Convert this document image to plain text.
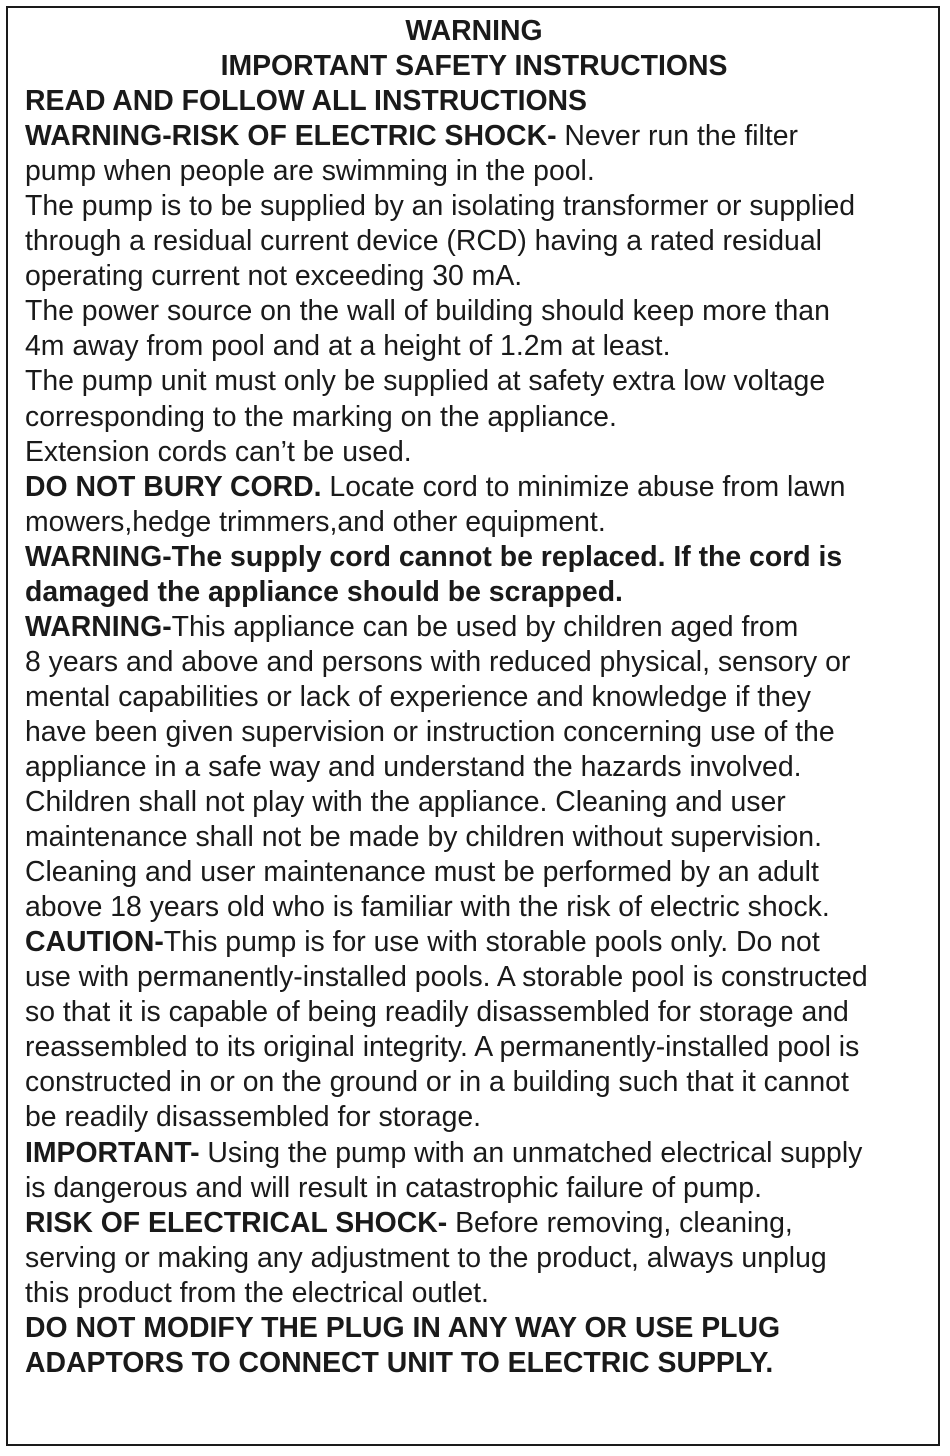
WARNING
IMPORTANT SAFETY INSTRUCTIONS
READ AND FOLLOW ALL INSTRUCTIONS
WARNING-RISK OF ELECTRIC SHOCK- Never run the filter
pump when people are swimming in the pool.
The pump is to be supplied by an isolating transformer or supplied
through a residual current device (RCD) having a rated residual
operating current not exceeding 30 mA.
The power source on the wall of building should keep more than
4m away from pool and at a height of 1.2m at least.
The pump unit must only be supplied at safety extra low voltage
corresponding to the marking on the appliance.
Extension cords can’t be used.
DO NOT BURY CORD. Locate cord to minimize abuse from lawn
mowers,hedge trimmers,and other equipment.
WARNING-The supply cord cannot be replaced. If the cord is
damaged the appliance should be scrapped.
WARNING-This appliance can be used by children aged from
8 years and above and persons with reduced physical, sensory or
mental capabilities or lack of experience and knowledge if they
have been given supervision or instruction concerning use of the
appliance in a safe way and understand the hazards involved.
Children shall not play with the appliance. Cleaning and user
maintenance shall not be made by children without supervision.
Cleaning and user maintenance must be performed by an adult
above 18 years old who is familiar with the risk of electric shock.
CAUTION-This pump is for use with storable pools only. Do not
use with permanently-installed pools. A storable pool is constructed
so that it is capable of being readily disassembled for storage and
reassembled to its original integrity. A permanently-installed pool is
constructed in or on the ground or in a building such that it cannot
be readily disassembled for storage.
IMPORTANT- Using the pump with an unmatched electrical supply
is dangerous and will result in catastrophic failure of pump.
RISK OF ELECTRICAL SHOCK- Before removing, cleaning,
serving or making any adjustment to the product, always unplug
this product from the electrical outlet.
DO NOT MODIFY THE PLUG IN ANY WAY OR USE PLUG
ADAPTORS TO CONNECT UNIT TO ELECTRIC SUPPLY.
